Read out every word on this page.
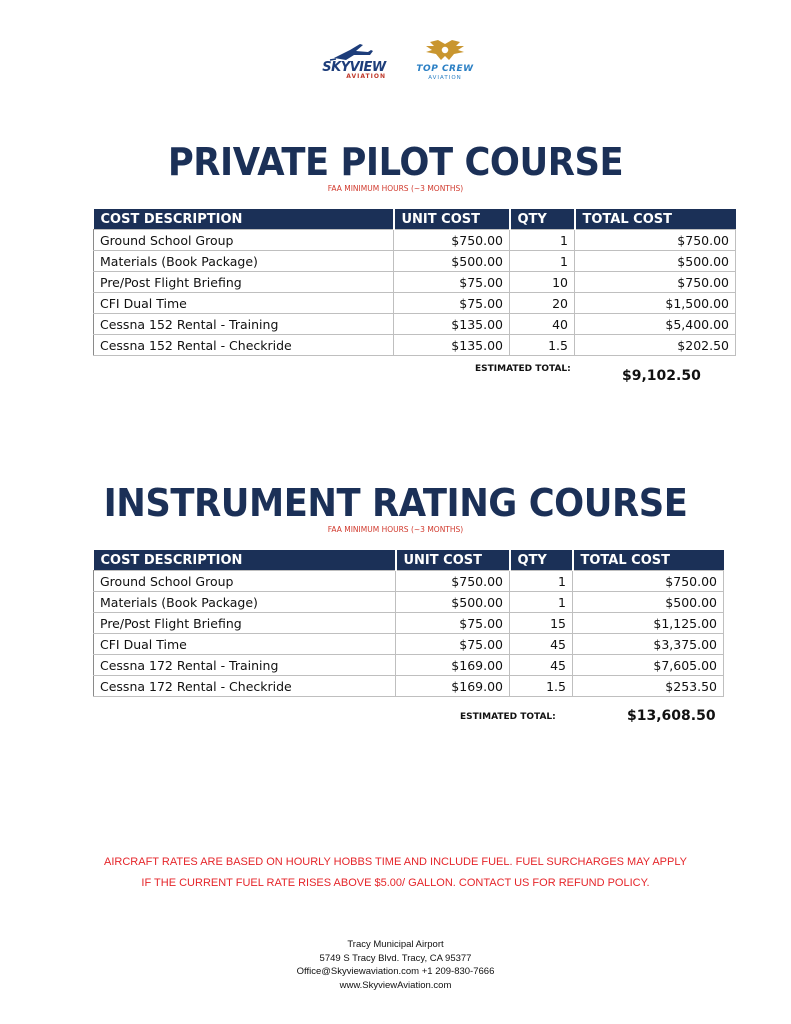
SKYVIEW
AVIATION
TOP CREW
AVIATION
PRIVATE PILOT COURSE
FAA MINIMUM HOURS (~3 MONTHS)
COST DESCRIPTION	UNIT COST	QTY	TOTAL COST
Ground School Group	$750.00	1	$750.00
Materials (Book Package)	$500.00	1	$500.00
Pre/Post Flight Briefing	$75.00	10	$750.00
CFI Dual Time	$75.00	20	$1,500.00
Cessna 152 Rental - Training	$135.00	40	$5,400.00
Cessna 152 Rental - Checkride	$135.00	1.5	$202.50
ESTIMATED TOTAL:	$9,102.50
INSTRUMENT RATING COURSE
FAA MINIMUM HOURS (~3 MONTHS)
COST DESCRIPTION	UNIT COST	QTY	TOTAL COST
Ground School Group	$750.00	1	$750.00
Materials (Book Package)	$500.00	1	$500.00
Pre/Post Flight Briefing	$75.00	15	$1,125.00
CFI Dual Time	$75.00	45	$3,375.00
Cessna 172 Rental - Training	$169.00	45	$7,605.00
Cessna 172 Rental - Checkride	$169.00	1.5	$253.50
ESTIMATED TOTAL:	$13,608.50
AIRCRAFT RATES ARE BASED ON HOURLY HOBBS TIME AND INCLUDE FUEL. FUEL SURCHARGES MAY APPLY
IF THE CURRENT FUEL RATE RISES ABOVE $5.00/ GALLON. CONTACT US FOR REFUND POLICY.
Tracy Municipal Airport
5749 S Tracy Blvd. Tracy, CA 95377
Office@Skyviewaviation.com +1 209-830-7666
www.SkyviewAviation.com
